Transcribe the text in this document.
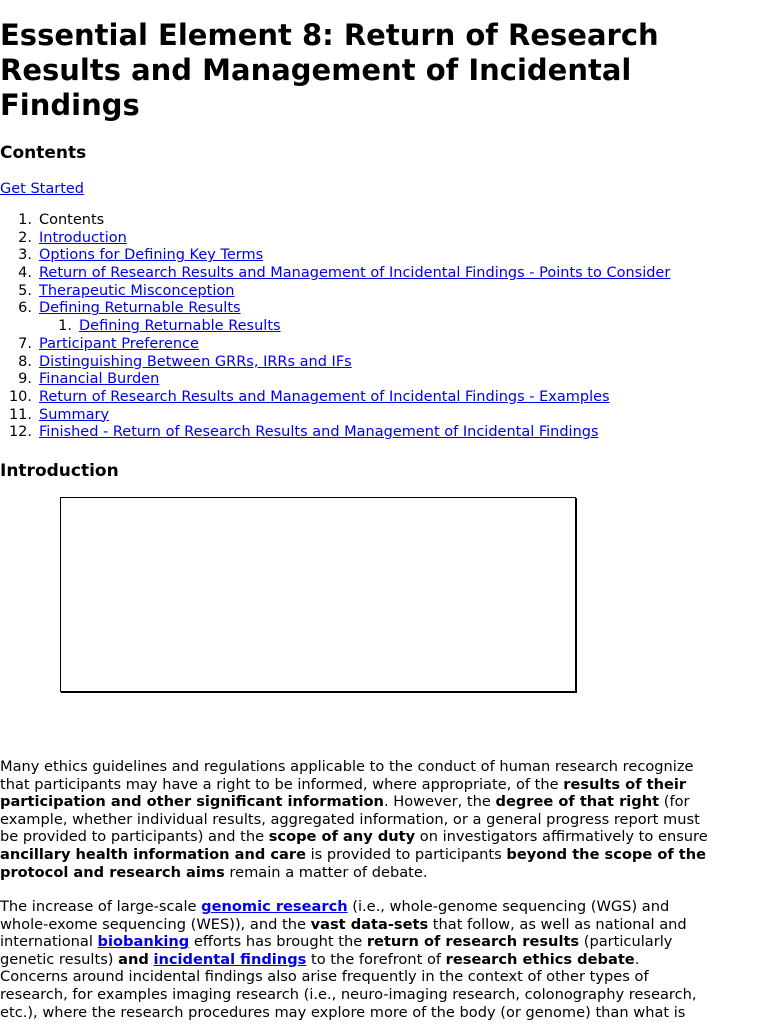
Essential Element 8: Return of Research
Results and Management of Incidental
Findings
Contents
Get Started
1. Contents
2. Introduction
3. Options for Defining Key Terms
4. Return of Research Results and Management of Incidental Findings - Points to Consider
5. Therapeutic Misconception
6. Defining Returnable Results
1. Defining Returnable Results
7. Participant Preference
8. Distinguishing Between GRRs, IRRs and IFs
9. Financial Burden
10. Return of Research Results and Management of Incidental Findings - Examples
11. Summary
12. Finished - Return of Research Results and Management of Incidental Findings
Introduction

Many ethics guidelines and regulations applicable to the conduct of human research recognize
that participants may have a right to be informed, where appropriate, of the results of their
participation and other significant information. However, the degree of that right (for
example, whether individual results, aggregated information, or a general progress report must
be provided to participants) and the scope of any duty on investigators affirmatively to ensure
ancillary health information and care is provided to participants beyond the scope of the
protocol and research aims remain a matter of debate.

The increase of large-scale genomic research (i.e., whole-genome sequencing (WGS) and
whole-exome sequencing (WES)), and the vast data-sets that follow, as well as national and
international biobanking efforts has brought the return of research results (particularly
genetic results) and incidental findings to the forefront of research ethics debate.
Concerns around incidental findings also arise frequently in the context of other types of
research, for examples imaging research (i.e., neuro-imaging research, colonography research,
etc.), where the research procedures may explore more of the body (or genome) than what is
